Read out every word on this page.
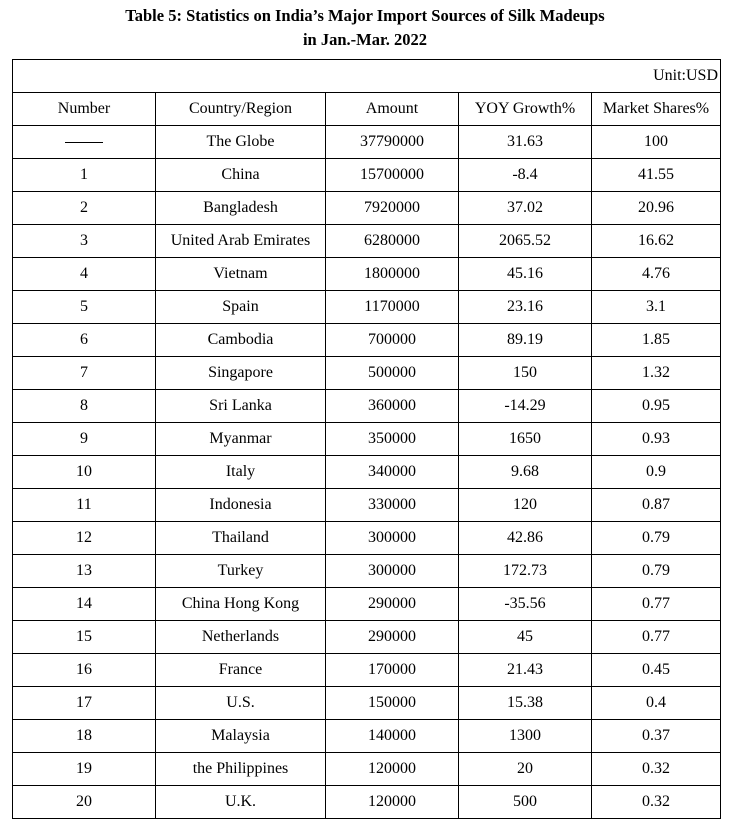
Table 5: Statistics on India’s Major Import Sources of Silk Madeups
in Jan.-Mar. 2022
Unit:USD				
Number	Country/Region	Amount	YOY Growth%	Market Shares%
	The Globe	37790000	31.63	100
1	China	15700000	-8.4	41.55
2	Bangladesh	7920000	37.02	20.96
3	United Arab Emirates	6280000	2065.52	16.62
4	Vietnam	1800000	45.16	4.76
5	Spain	1170000	23.16	3.1
6	Cambodia	700000	89.19	1.85
7	Singapore	500000	150	1.32
8	Sri Lanka	360000	-14.29	0.95
9	Myanmar	350000	1650	0.93
10	Italy	340000	9.68	0.9
11	Indonesia	330000	120	0.87
12	Thailand	300000	42.86	0.79
13	Turkey	300000	172.73	0.79
14	China Hong Kong	290000	-35.56	0.77
15	Netherlands	290000	45	0.77
16	France	170000	21.43	0.45
17	U.S.	150000	15.38	0.4
18	Malaysia	140000	1300	0.37
19	the Philippines	120000	20	0.32
20	U.K.	120000	500	0.32
